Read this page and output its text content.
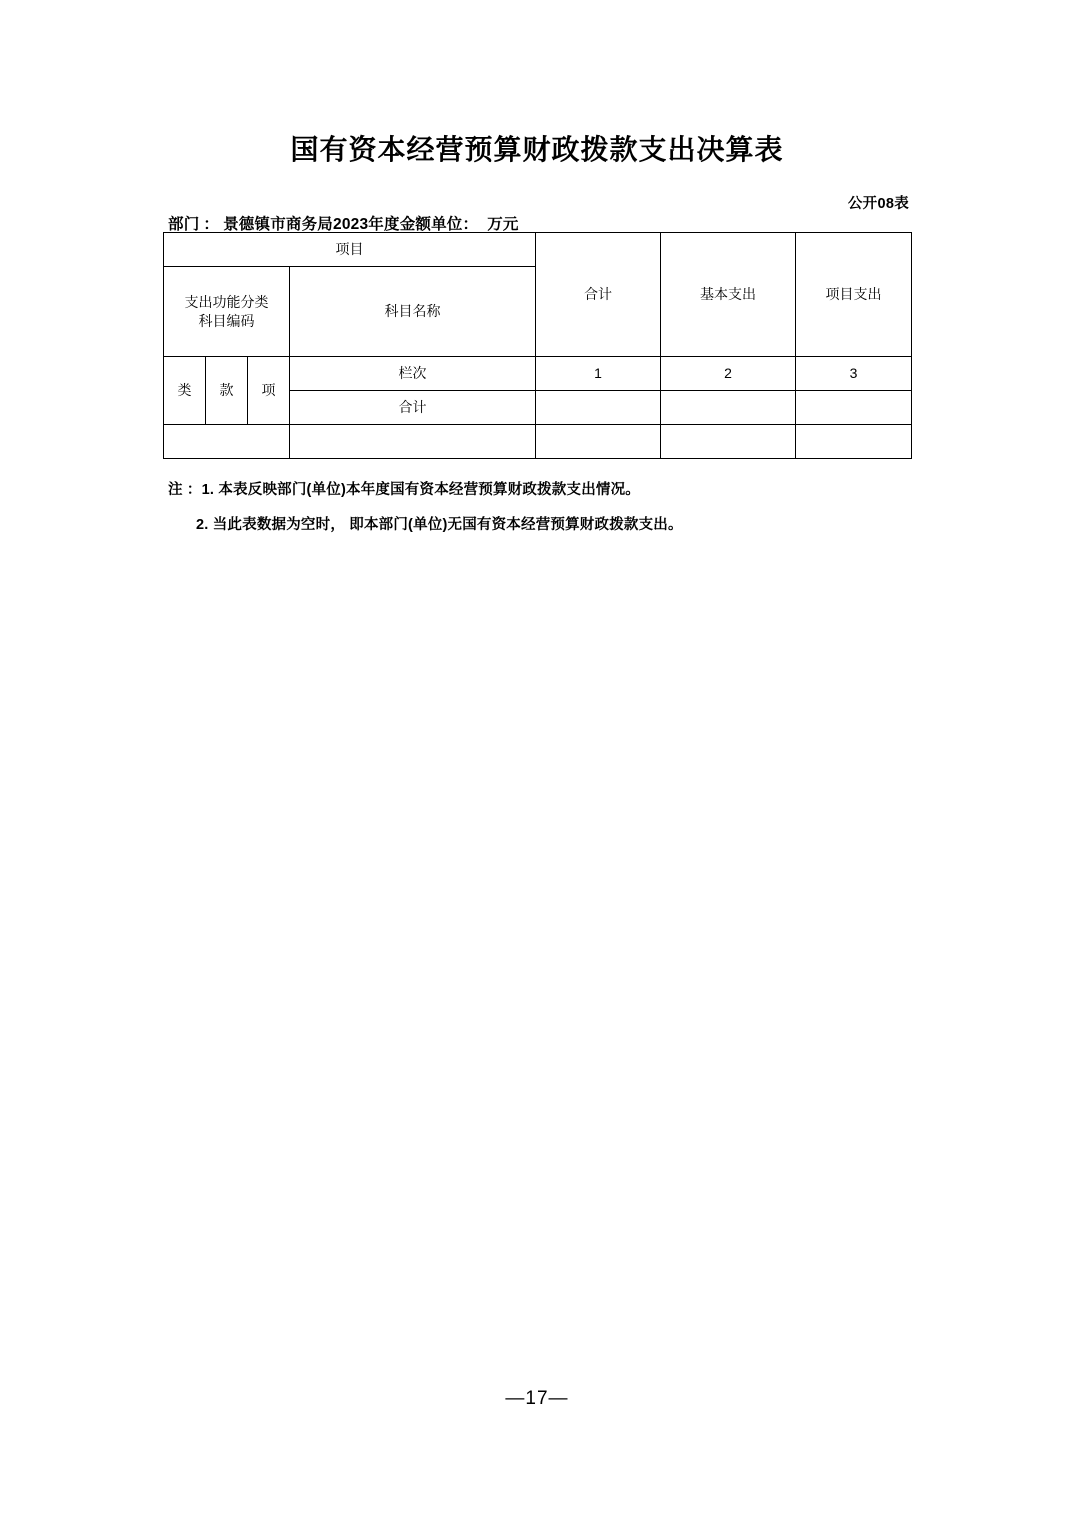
国有资本经营预算财政拨款支出决算表
公开08表
部门 ： 景德镇市商务局2023年度金额单位： 万元
项目				合计	基本支出	项目支出

支出功能分类
科目编码			科目名称			
类	款	项	栏次	1	2	3
			合计			

注 ：1. 本表反映部门(单位)本年度国有资本经营预算财政拨款支出情况。
2. 当此表数据为空时， 即本部门(单位)无国有资本经营预算财政拨款支出。
—17—
